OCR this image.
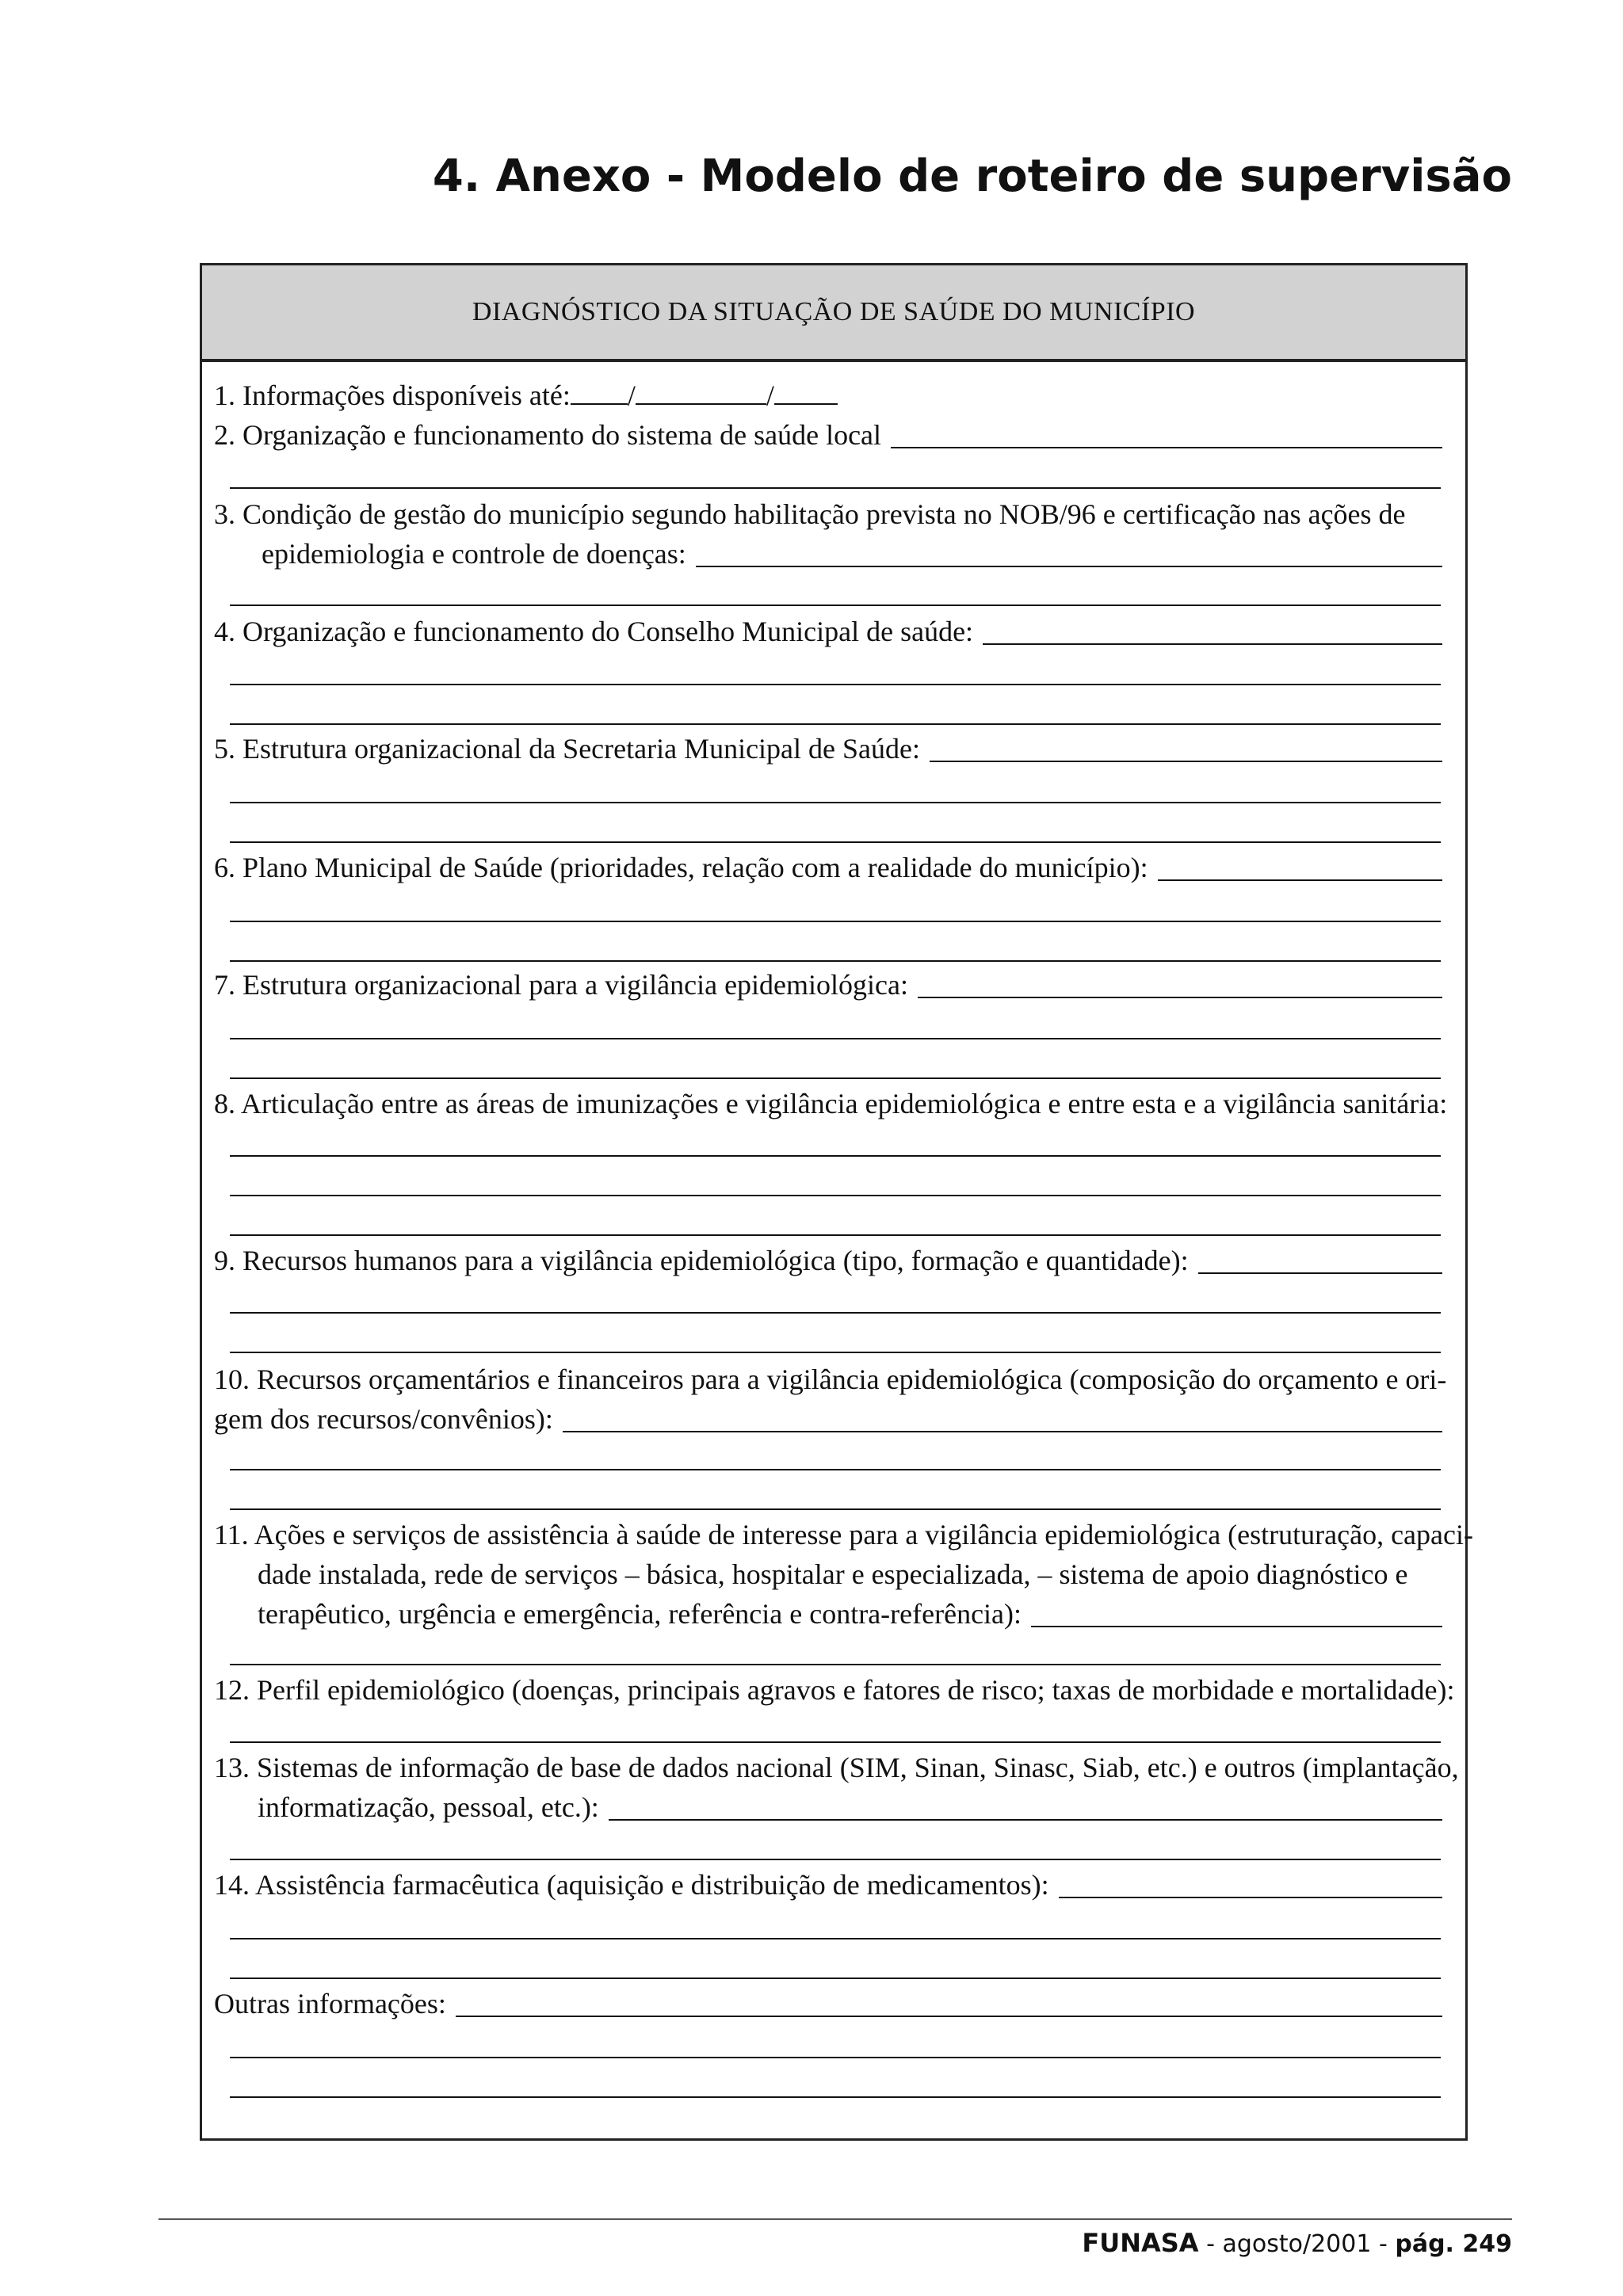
4. Anexo - Modelo de roteiro de supervisão
DIAGNÓSTICO DA SITUAÇÃO DE SAÚDE DO MUNICÍPIO
1. Informações disponíveis até: /	/
2. Organização e funcionamento do sistema de saúde local
3. Condição de gestão do município segundo habilitação prevista no NOB/96 e certificação nas ações de
epidemiologia e controle de doenças:
4. Organização e funcionamento do Conselho Municipal de saúde:
5. Estrutura organizacional da Secretaria Municipal de Saúde:
6. Plano Municipal de Saúde (prioridades, relação com a realidade do município):
7. Estrutura organizacional para a vigilância epidemiológica:
8. Articulação entre as áreas de imunizações e vigilância epidemiológica e entre esta e a vigilância sanitária:
9. Recursos humanos para a vigilância epidemiológica (tipo, formação e quantidade):
10. Recursos orçamentários e financeiros para a vigilância epidemiológica (composição do orçamento e ori-
gem dos recursos/convênios):
11. Ações e serviços de assistência à saúde de interesse para a vigilância epidemiológica (estruturação, capaci-
dade instalada, rede de serviços – básica, hospitalar e especializada, – sistema de apoio diagnóstico e
terapêutico, urgência e emergência, referência e contra-referência):
12. Perfil epidemiológico (doenças, principais agravos e fatores de risco; taxas de morbidade e mortalidade):
13. Sistemas de informação de base de dados nacional (SIM, Sinan, Sinasc, Siab, etc.) e outros (implantação,
informatização, pessoal, etc.):
14. Assistência farmacêutica (aquisição e distribuição de medicamentos):
Outras informações:
FUNASA - agosto/2001 - pág. 249
